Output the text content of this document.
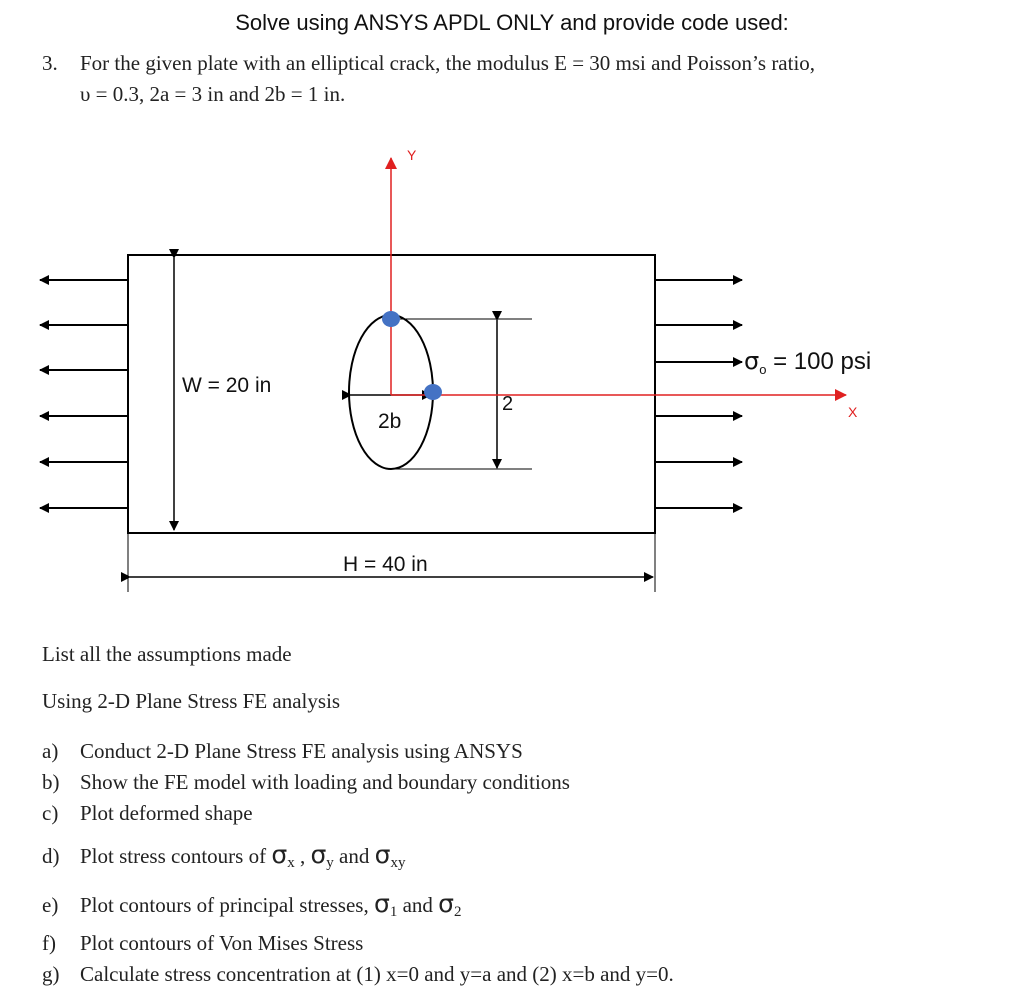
Solve using ANSYS APDL ONLY and provide code used:
3. For the given plate with an elliptical crack, the modulus E = 30 msi and Poisson’s ratio,
υ = 0.3, 2a = 3 in and 2b = 1 in.
W = 20 in
2b
2
Y
X
$\sigma_o = 100$ psi
H = 40 in
List all the assumptions made
Using 2-D Plane Stress FE analysis
a) Conduct 2-D Plane Stress FE analysis using ANSYS
b) Show the FE model with loading and boundary conditions
c) Plot deformed shape
d) Plot stress contours of $\sigma_x$ , $\sigma_y$ and $\sigma_{xy}$
e) Plot contours of principal stresses, $\sigma_1$ and $\sigma_2$
f) Plot contours of Von Mises Stress
g) Calculate stress concentration at (1) x=0 and y=a and (2) x=b and y=0.
